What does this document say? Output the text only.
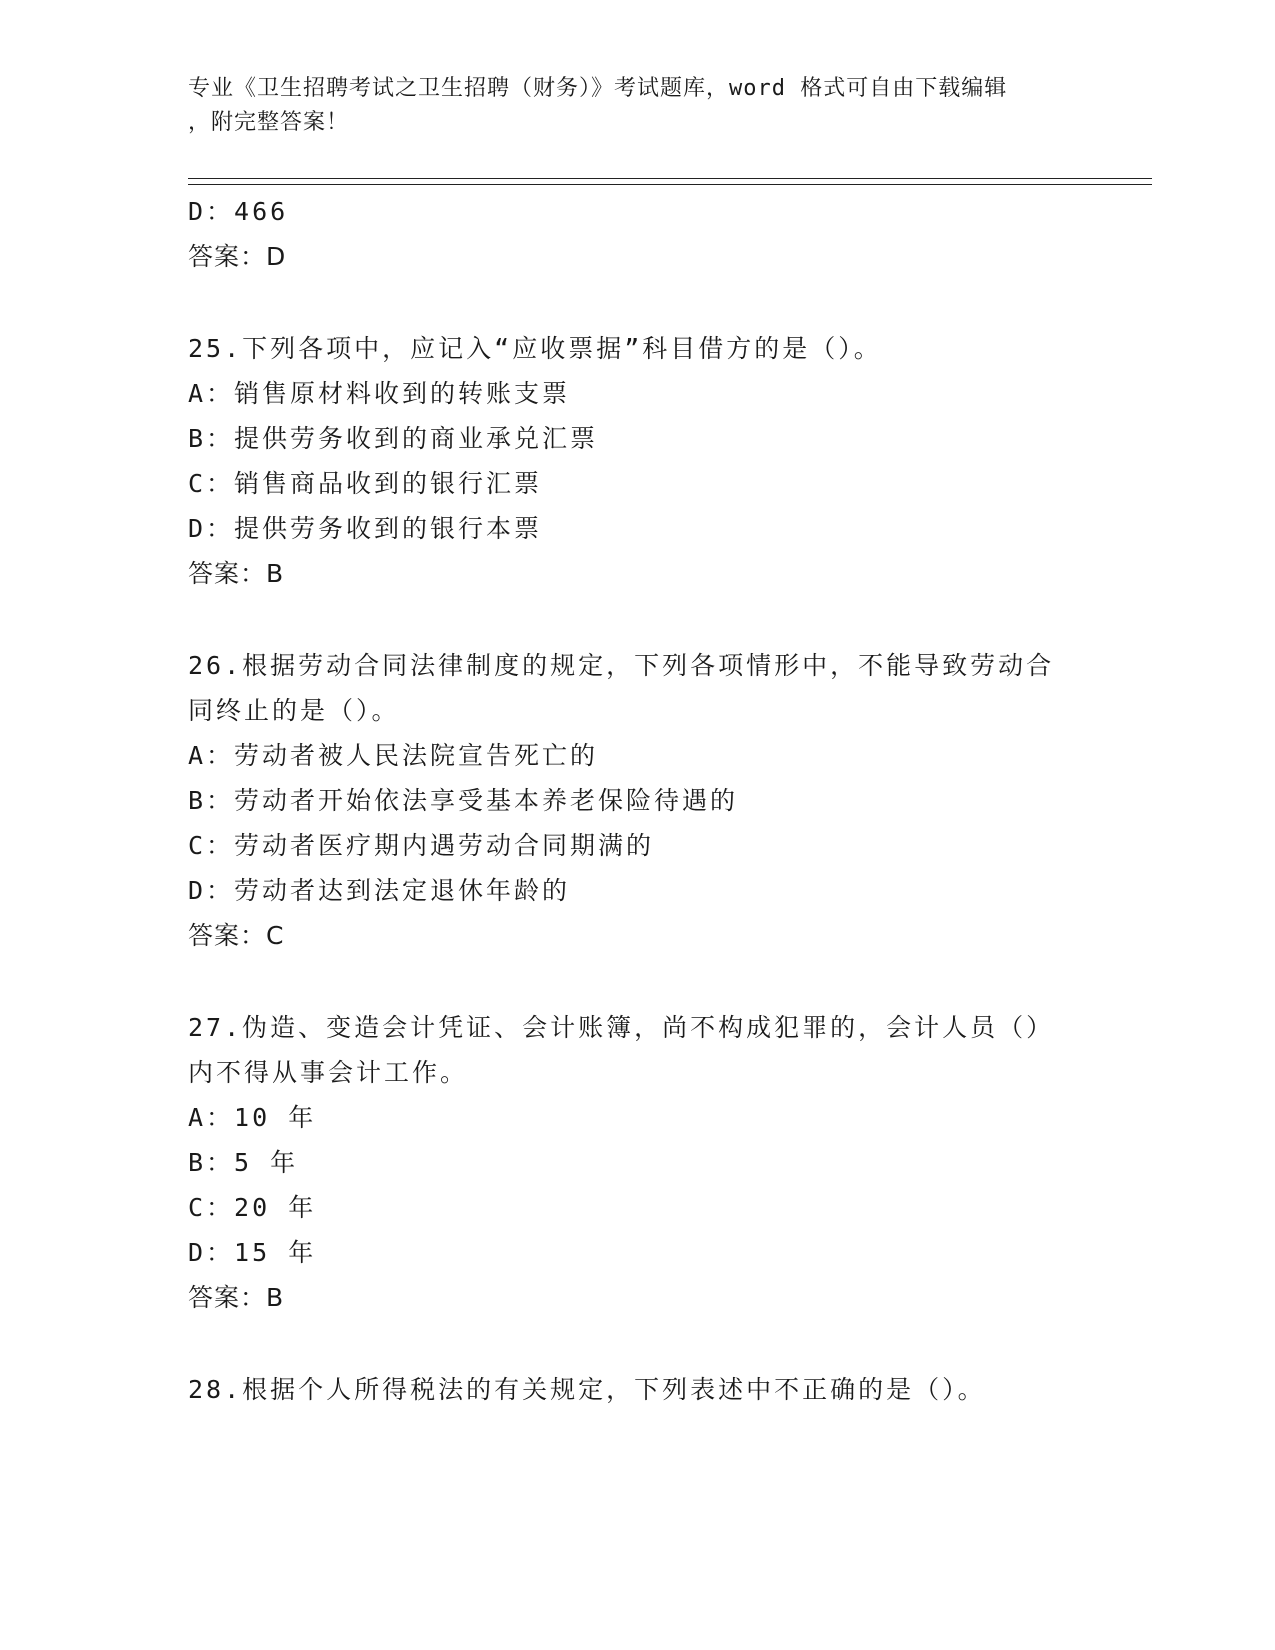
专业《卫生招聘考试之卫生招聘（财务）》考试题库，word 格式可自由下载编辑
，附完整答案！
D：466
答案：D
25.下列各项中，应记入“应收票据”科目借方的是（）。
A：销售原材料收到的转账支票
B：提供劳务收到的商业承兑汇票
C：销售商品收到的银行汇票
D：提供劳务收到的银行本票
答案：B
26.根据劳动合同法律制度的规定，下列各项情形中，不能导致劳动合
同终止的是（）。
A：劳动者被人民法院宣告死亡的
B：劳动者开始依法享受基本养老保险待遇的
C：劳动者医疗期内遇劳动合同期满的
D：劳动者达到法定退休年龄的
答案：C
27.伪造、变造会计凭证、会计账簿，尚不构成犯罪的，会计人员（）
内不得从事会计工作。
A：10 年
B：5 年
C：20 年
D：15 年
答案：B
28.根据个人所得税法的有关规定，下列表述中不正确的是（）。
